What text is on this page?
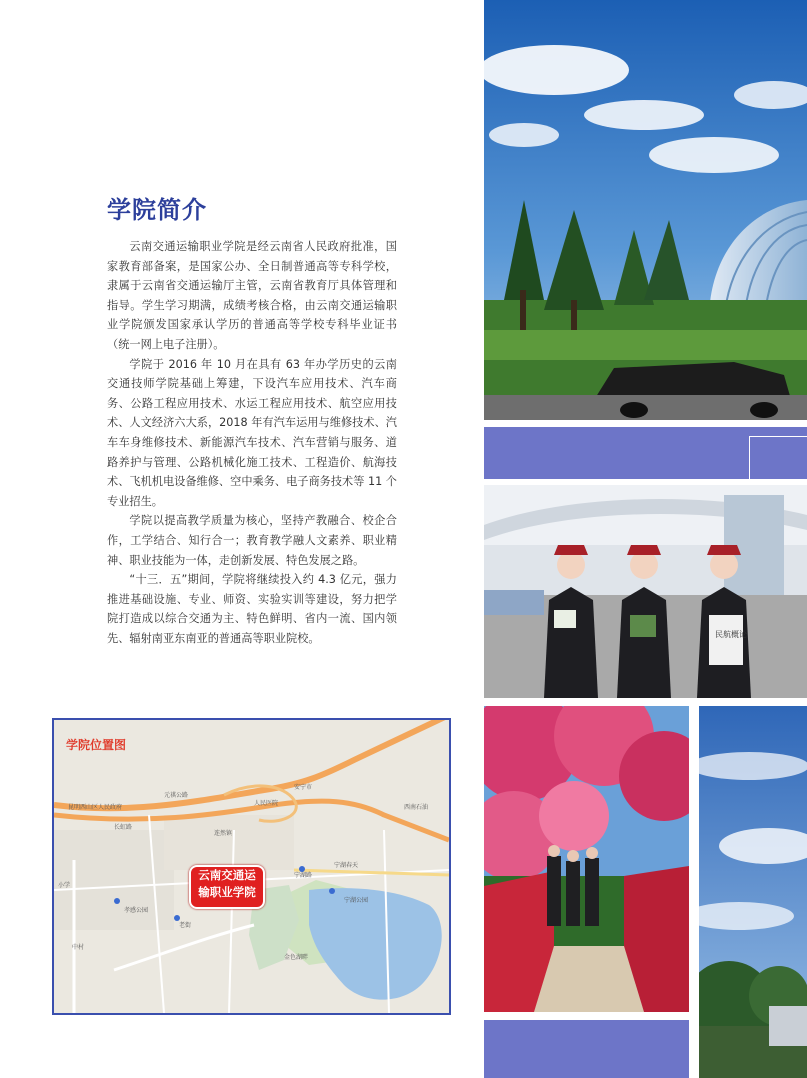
学院简介

云南交通运输职业学院是经云南省人民政府批准，国家教育部备案，是国家公办、全日制普通高等专科学校，隶属于云南省交通运输厅主管，云南省教育厅具体管理和指导。学生学习期满，成绩考核合格，由云南交通运输职业学院颁发国家承认学历的普通高等学校专科毕业证书（统一网上电子注册）。

学院于 2016 年 10 月在具有 63 年办学历史的云南交通技师学院基础上筹建，下设汽车应用技术、汽车商务、公路工程应用技术、水运工程应用技术、航空应用技术、人文经济六大系，2018 年有汽车运用与维修技术、汽车车身维修技术、新能源汽车技术、汽车营销与服务、道路养护与管理、公路机械化施工技术、工程造价、航海技术、飞机机电设备维修、空中乘务、电子商务技术等 11 个专业招生。

学院以提高教学质量为核心，坚持产教融合、校企合作，工学结合、知行合一；教育教学融人文素养、职业精神、职业技能为一体，走创新发展、特色发展之路。

“十三．五”期间，学院将继续投入约 4.3 亿元，强力推进基础设施、专业、师资、实验实训等建设，努力把学院打造成以综合交通为主、特色鲜明、省内一流、国内领先、辐射南亚东南亚的普通高等职业院校。

学院位置图
云南交通运
输职业学院
昆明西山区人民政府
元祺公路
宁湖春天
宁湖公园
安宁市
金色湖畔
连然镇
中村
人民医院
西南石油
小学
孝感公园
老街
宁湖路
长虹路
民航概论
